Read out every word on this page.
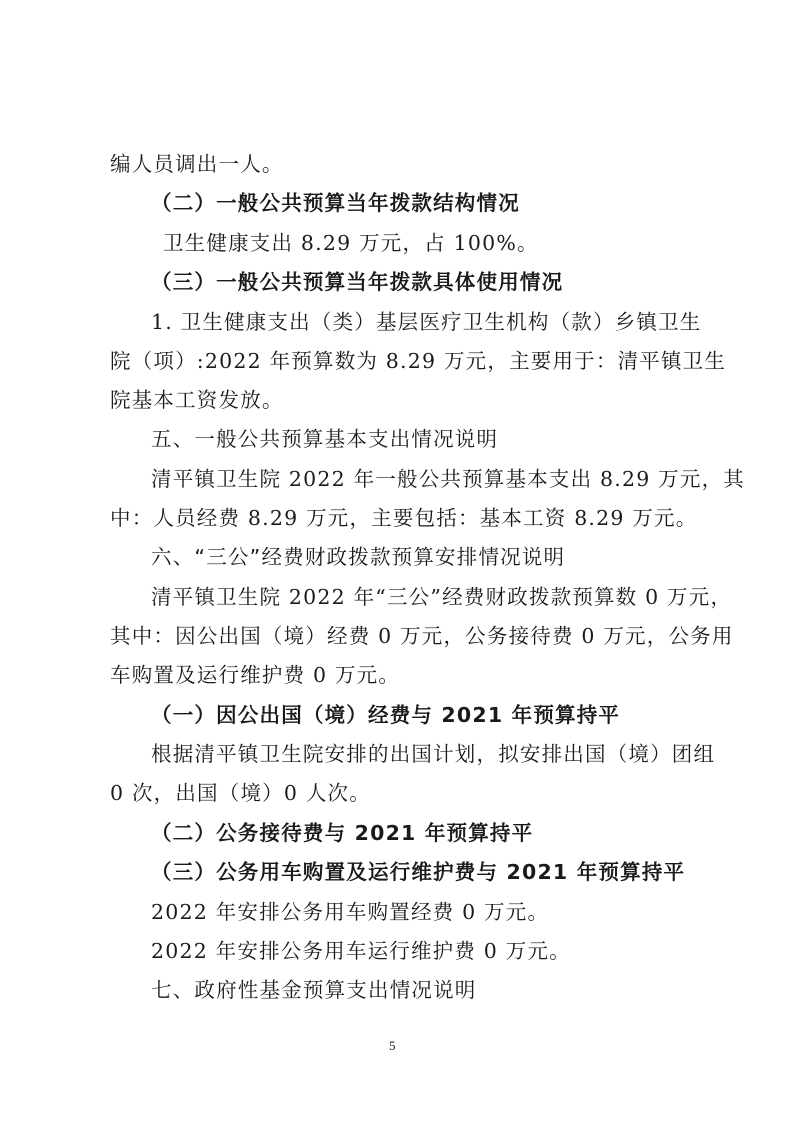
编人员调出一人。
（二）一般公共预算当年拨款结构情况
卫生健康支出 8.29 万元，占 100%。
（三）一般公共预算当年拨款具体使用情况
1. 卫生健康支出（类）基层医疗卫生机构（款）乡镇卫生
院（项）:2022 年预算数为 8.29 万元，主要用于：清平镇卫生
院基本工资发放。
五、一般公共预算基本支出情况说明
清平镇卫生院 2022 年一般公共预算基本支出 8.29 万元，其
中：人员经费 8.29 万元，主要包括：基本工资 8.29 万元。
六、“三公”经费财政拨款预算安排情况说明
清平镇卫生院 2022 年“三公”经费财政拨款预算数 0 万元，
其中：因公出国（境）经费 0 万元，公务接待费 0 万元，公务用
车购置及运行维护费 0 万元。
（一）因公出国（境）经费与 2021 年预算持平
根据清平镇卫生院安排的出国计划，拟安排出国（境）团组
0 次，出国（境）0 人次。
（二）公务接待费与 2021 年预算持平
（三）公务用车购置及运行维护费与 2021 年预算持平
2022 年安排公务用车购置经费 0 万元。
2022 年安排公务用车运行维护费 0 万元。
七、政府性基金预算支出情况说明
5
